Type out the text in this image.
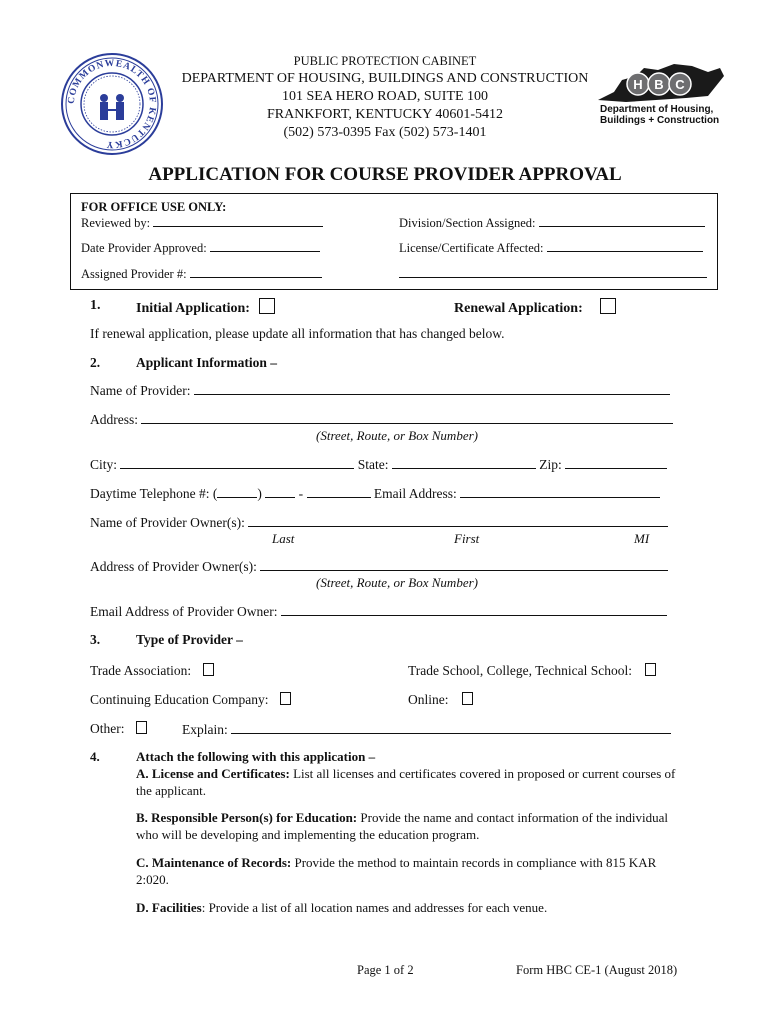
COMMONWEALTH OF KENTUCKY
PUBLIC PROTECTION CABINET
DEPARTMENT OF HOUSING, BUILDINGS AND CONSTRUCTION
101 SEA HERO ROAD, SUITE 100
FRANKFORT, KENTUCKY 40601-5412
(502) 573-0395 Fax (502) 573-1401
H B C
Department of Housing,
Buildings + Construction
APPLICATION FOR COURSE PROVIDER APPROVAL
FOR OFFICE USE ONLY:
Reviewed by:	Division/Section Assigned:
Date Provider Approved:	License/Certificate Affected:
Assigned Provider #:
1.	Initial Application:	Renewal Application:
If renewal application, please update all information that has changed below.
2.	Applicant Information –
Name of Provider:
Address:
(Street, Route, or Box Number)
City:	State:	Zip:
Daytime Telephone #: (	)	-	Email Address:
Name of Provider Owner(s):
Last	First	MI
Address of Provider Owner(s):
(Street, Route, or Box Number)
Email Address of Provider Owner:
3.	Type of Provider –
Trade Association:	Trade School, College, Technical School:
Continuing Education Company:	Online:
Other:	Explain:
4.	Attach the following with this application –
A. License and Certificates: List all licenses and certificates covered in proposed or current courses of the applicant.
B. Responsible Person(s) for Education: Provide the name and contact information of the individual who will be developing and implementing the education program.
C. Maintenance of Records: Provide the method to maintain records in compliance with 815 KAR 2:020.
D. Facilities: Provide a list of all location names and addresses for each venue.
Page 1 of 2	Form HBC CE-1 (August 2018)
